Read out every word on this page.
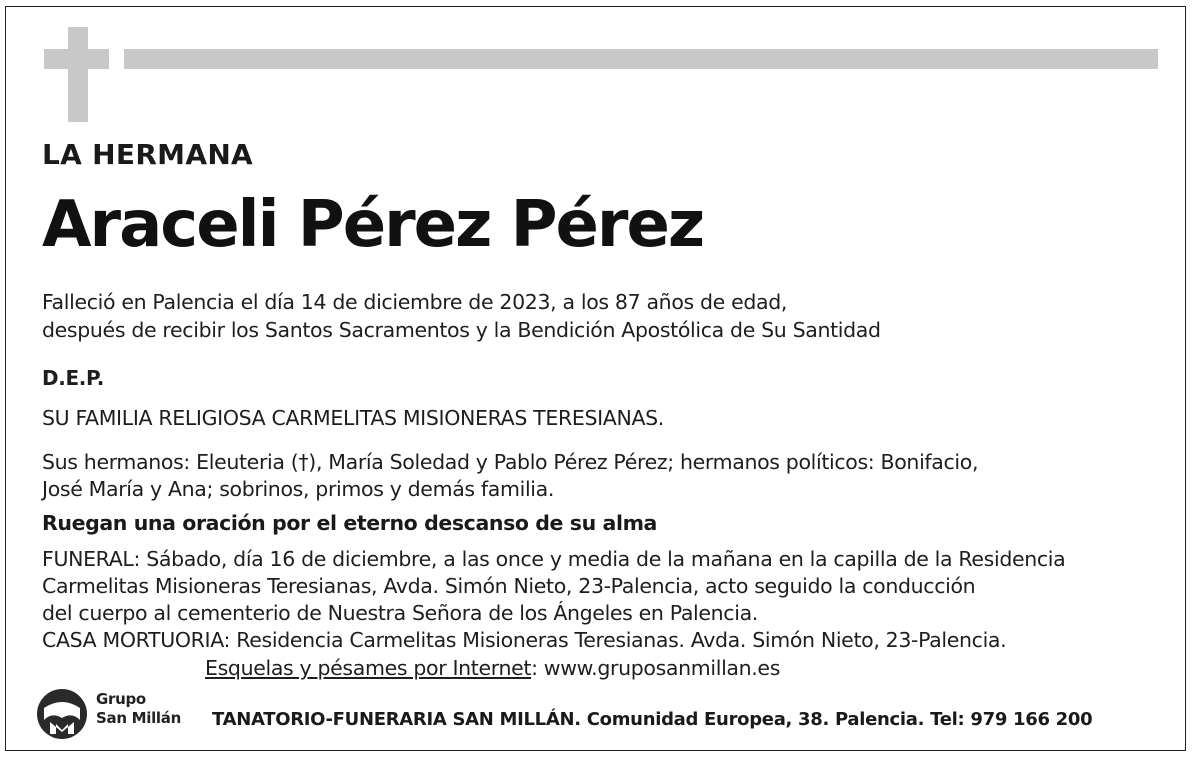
LA HERMANA
Araceli Pérez Pérez
Falleció en Palencia el día 14 de diciembre de 2023, a los 87 años de edad,
después de recibir los Santos Sacramentos y la Bendición Apostólica de Su Santidad
D.E.P.
SU FAMILIA RELIGIOSA CARMELITAS MISIONERAS TERESIANAS.
Sus hermanos: Eleuteria (†), María Soledad y Pablo Pérez Pérez; hermanos políticos: Bonifacio,
José María y Ana; sobrinos, primos y demás familia.
Ruegan una oración por el eterno descanso de su alma
FUNERAL: Sábado, día 16 de diciembre, a las once y media de la mañana en la capilla de la Residencia
Carmelitas Misioneras Teresianas, Avda. Simón Nieto, 23-Palencia, acto seguido la conducción
del cuerpo al cementerio de Nuestra Señora de los Ángeles en Palencia.
CASA MORTUORIA: Residencia Carmelitas Misioneras Teresianas. Avda. Simón Nieto, 23-Palencia.
Esquelas y pésames por Internet: www.gruposanmillan.es
Grupo
San Millán TANATORIO-FUNERARIA SAN MILLÁN. Comunidad Europea, 38. Palencia. Tel: 979 166 200
